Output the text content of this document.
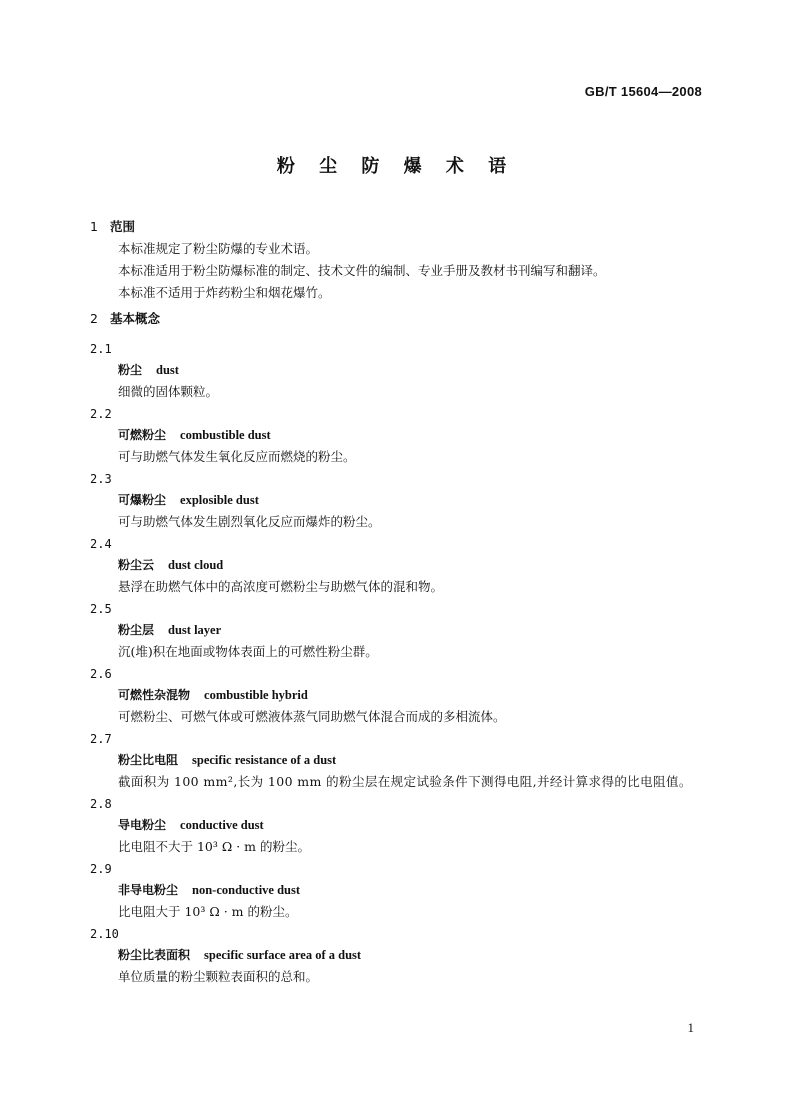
GB/T 15604—2008
粉 尘 防 爆 术 语
1 范围
本标准规定了粉尘防爆的专业术语。
本标准适用于粉尘防爆标准的制定、技术文件的编制、专业手册及教材书刊编写和翻译。
本标准不适用于炸药粉尘和烟花爆竹。
2 基本概念
2.1
粉尘 dust
细微的固体颗粒。
2.2
可燃粉尘 combustible dust
可与助燃气体发生氧化反应而燃烧的粉尘。
2.3
可爆粉尘 explosible dust
可与助燃气体发生剧烈氧化反应而爆炸的粉尘。
2.4
粉尘云 dust cloud
悬浮在助燃气体中的高浓度可燃粉尘与助燃气体的混和物。
2.5
粉尘层 dust layer
沉(堆)积在地面或物体表面上的可燃性粉尘群。
2.6
可燃性杂混物 combustible hybrid
可燃粉尘、可燃气体或可燃液体蒸气同助燃气体混合而成的多相流体。
2.7
粉尘比电阻 specific resistance of a dust
截面积为 100 mm²,长为 100 mm 的粉尘层在规定试验条件下测得电阻,并经计算求得的比电阻值。
2.8
导电粉尘 conductive dust
比电阻不大于 10³ Ω · m 的粉尘。
2.9
非导电粉尘 non-conductive dust
比电阻大于 10³ Ω · m 的粉尘。
2.10
粉尘比表面积 specific surface area of a dust
单位质量的粉尘颗粒表面积的总和。
1
